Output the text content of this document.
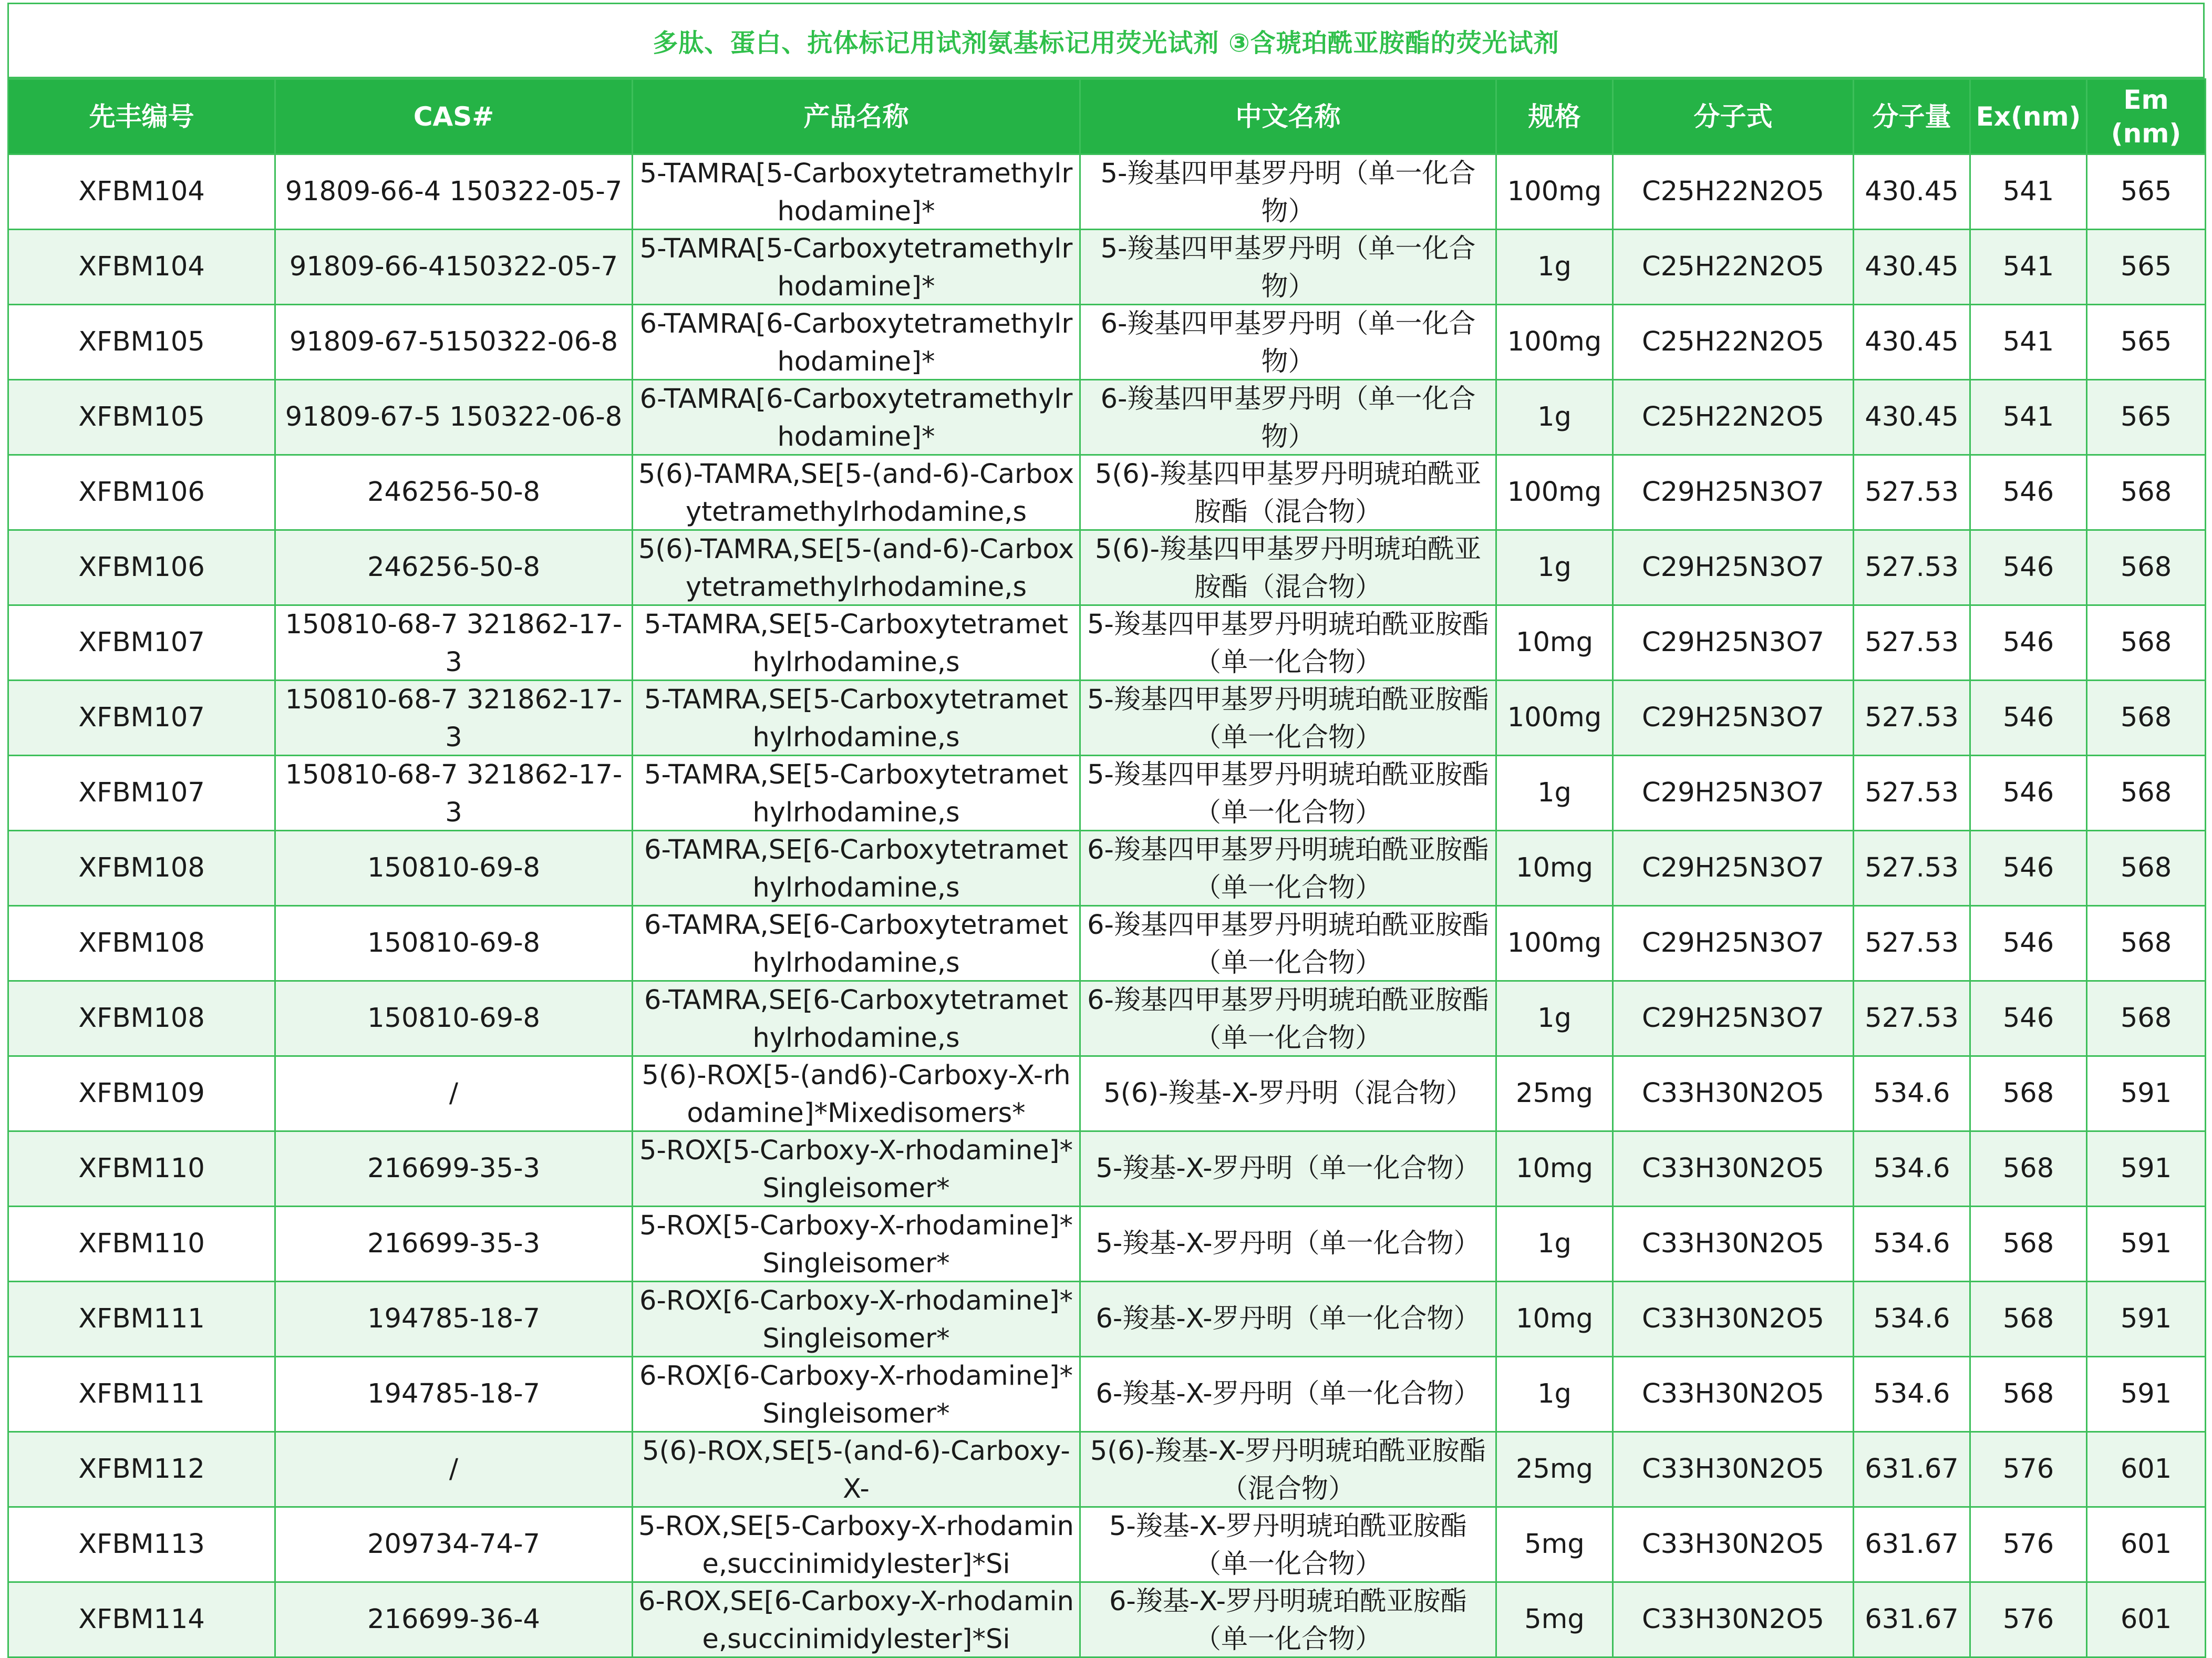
多肽、蛋白、抗体标记用试剂氨基标记用荧光试剂 ③含琥珀酰亚胺酯的荧光试剂
先丰编号	CAS#	产品名称	中文名称	规格	分子式	分子量	Ex(nm)	Em (nm)

XFBM104	91809-66-4 150322-05-7	5-TAMRA[5-Carboxytetramethylrhodamine]*	5-羧基四甲基罗丹明（单一化合物）	100mg	C25H22N2O5	430.45	541	565

XFBM104	91809-66-4150322-05-7	5-TAMRA[5-Carboxytetramethylrhodamine]*	5-羧基四甲基罗丹明（单一化合物）	1g	C25H22N2O5	430.45	541	565

XFBM105	91809-67-5150322-06-8	6-TAMRA[6-Carboxytetramethylrhodamine]*	6-羧基四甲基罗丹明（单一化合物）	100mg	C25H22N2O5	430.45	541	565

XFBM105	91809-67-5 150322-06-8	6-TAMRA[6-Carboxytetramethylrhodamine]*	6-羧基四甲基罗丹明（单一化合物）	1g	C25H22N2O5	430.45	541	565

XFBM106	246256-50-8	5(6)-TAMRA,SE[5-(and-6)-Carboxytetramethylrhodamine,s	5(6)-羧基四甲基罗丹明琥珀酰亚胺酯（混合物）	100mg	C29H25N3O7	527.53	546	568

XFBM106	246256-50-8	5(6)-TAMRA,SE[5-(and-6)-Carboxytetramethylrhodamine,s	5(6)-羧基四甲基罗丹明琥珀酰亚胺酯（混合物）	1g	C29H25N3O7	527.53	546	568

XFBM107	150810-68-7 321862-17-3	5-TAMRA,SE[5-Carboxytetramethylrhodamine,s	5-羧基四甲基罗丹明琥珀酰亚胺酯（单一化合物）	10mg	C29H25N3O7	527.53	546	568

XFBM107	150810-68-7 321862-17-3	5-TAMRA,SE[5-Carboxytetramethylrhodamine,s	5-羧基四甲基罗丹明琥珀酰亚胺酯（单一化合物）	100mg	C29H25N3O7	527.53	546	568

XFBM107	150810-68-7 321862-17-3	5-TAMRA,SE[5-Carboxytetramethylrhodamine,s	5-羧基四甲基罗丹明琥珀酰亚胺酯（单一化合物）	1g	C29H25N3O7	527.53	546	568

XFBM108	150810-69-8	6-TAMRA,SE[6-Carboxytetramethylrhodamine,s	6-羧基四甲基罗丹明琥珀酰亚胺酯（单一化合物）	10mg	C29H25N3O7	527.53	546	568

XFBM108	150810-69-8	6-TAMRA,SE[6-Carboxytetramethylrhodamine,s	6-羧基四甲基罗丹明琥珀酰亚胺酯（单一化合物）	100mg	C29H25N3O7	527.53	546	568

XFBM108	150810-69-8	6-TAMRA,SE[6-Carboxytetramethylrhodamine,s	6-羧基四甲基罗丹明琥珀酰亚胺酯（单一化合物）	1g	C29H25N3O7	527.53	546	568

XFBM109	/	5(6)-ROX[5-(and6)-Carboxy-X-rhodamine]*Mixedisomers*	5(6)-羧基-X-罗丹明（混合物）	25mg	C33H30N2O5	534.6	568	591

XFBM110	216699-35-3	5-ROX[5-Carboxy-X-rhodamine]*Singleisomer*	5-羧基-X-罗丹明（单一化合物）	10mg	C33H30N2O5	534.6	568	591

XFBM110	216699-35-3	5-ROX[5-Carboxy-X-rhodamine]*Singleisomer*	5-羧基-X-罗丹明（单一化合物）	1g	C33H30N2O5	534.6	568	591

XFBM111	194785-18-7	6-ROX[6-Carboxy-X-rhodamine]*Singleisomer*	6-羧基-X-罗丹明（单一化合物）	10mg	C33H30N2O5	534.6	568	591

XFBM111	194785-18-7	6-ROX[6-Carboxy-X-rhodamine]*Singleisomer*	6-羧基-X-罗丹明（单一化合物）	1g	C33H30N2O5	534.6	568	591

XFBM112	/	5(6)-ROX,SE[5-(and-6)-Carboxy-X-	5(6)-羧基-X-罗丹明琥珀酰亚胺酯（混合物）	25mg	C33H30N2O5	631.67	576	601

XFBM113	209734-74-7	5-ROX,SE[5-Carboxy-X-rhodamine,succinimidylester]*Si	5-羧基-X-罗丹明琥珀酰亚胺酯（单一化合物）	5mg	C33H30N2O5	631.67	576	601

XFBM114	216699-36-4	6-ROX,SE[6-Carboxy-X-rhodamine,succinimidylester]*Si	6-羧基-X-罗丹明琥珀酰亚胺酯（单一化合物）	5mg	C33H30N2O5	631.67	576	601
